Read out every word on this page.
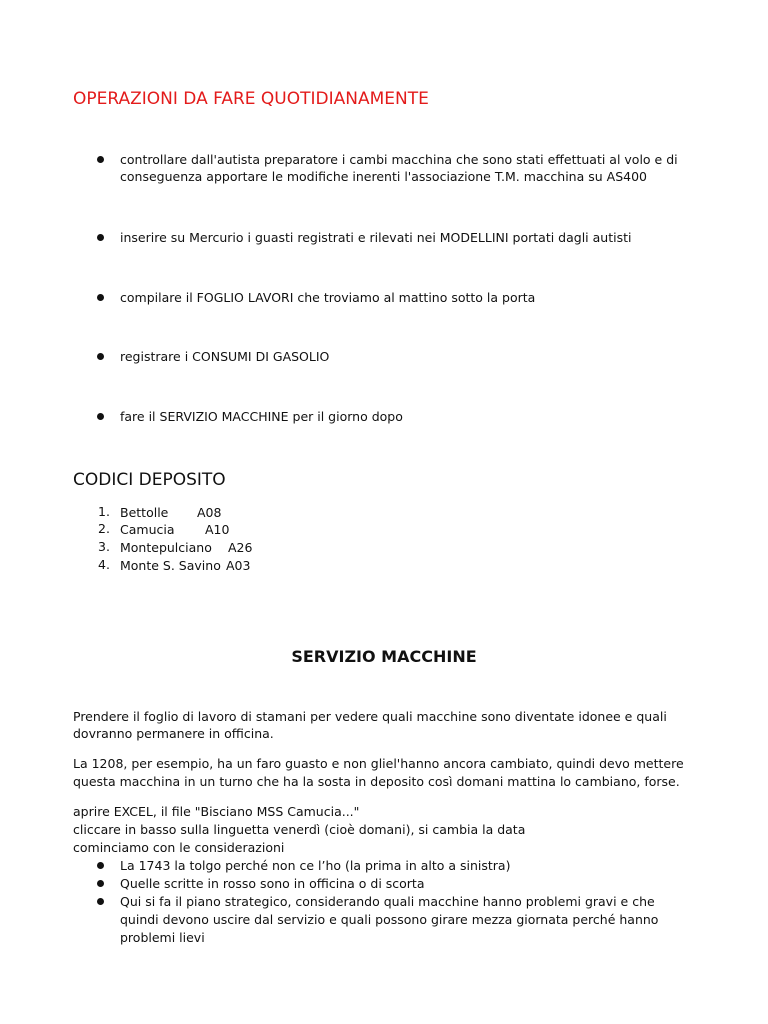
OPERAZIONI DA FARE QUOTIDIANAMENTE
controllare dall'autista preparatore i cambi macchina che sono stati effettuati al volo e di
conseguenza apportare le modifiche inerenti l'associazione T.M. macchina su AS400
inserire su Mercurio i guasti registrati e rilevati nei MODELLINI portati dagli autisti
compilare il FOGLIO LAVORI che troviamo al mattino sotto la porta
registrare i CONSUMI DI GASOLIO
fare il SERVIZIO MACCHINE per il giorno dopo
CODICI DEPOSITO
1. Bettolle A08
2. Camucia A10
3. Montepulciano A26
4. Monte S. Savino A03
SERVIZIO MACCHINE
Prendere il foglio di lavoro di stamani per vedere quali macchine sono diventate idonee e quali
dovranno permanere in officina.
La 1208, per esempio, ha un faro guasto e non gliel'hanno ancora cambiato, quindi devo mettere
questa macchina in un turno che ha la sosta in deposito così domani mattina lo cambiano, forse.
aprire EXCEL, il file "Bisciano MSS Camucia..."
cliccare in basso sulla linguetta venerdì (cioè domani), si cambia la data
cominciamo con le considerazioni
La 1743 la tolgo perché non ce l’ho (la prima in alto a sinistra)
Quelle scritte in rosso sono in officina o di scorta
Qui si fa il piano strategico, considerando quali macchine hanno problemi gravi e che
quindi devono uscire dal servizio e quali possono girare mezza giornata perché hanno
problemi lievi
